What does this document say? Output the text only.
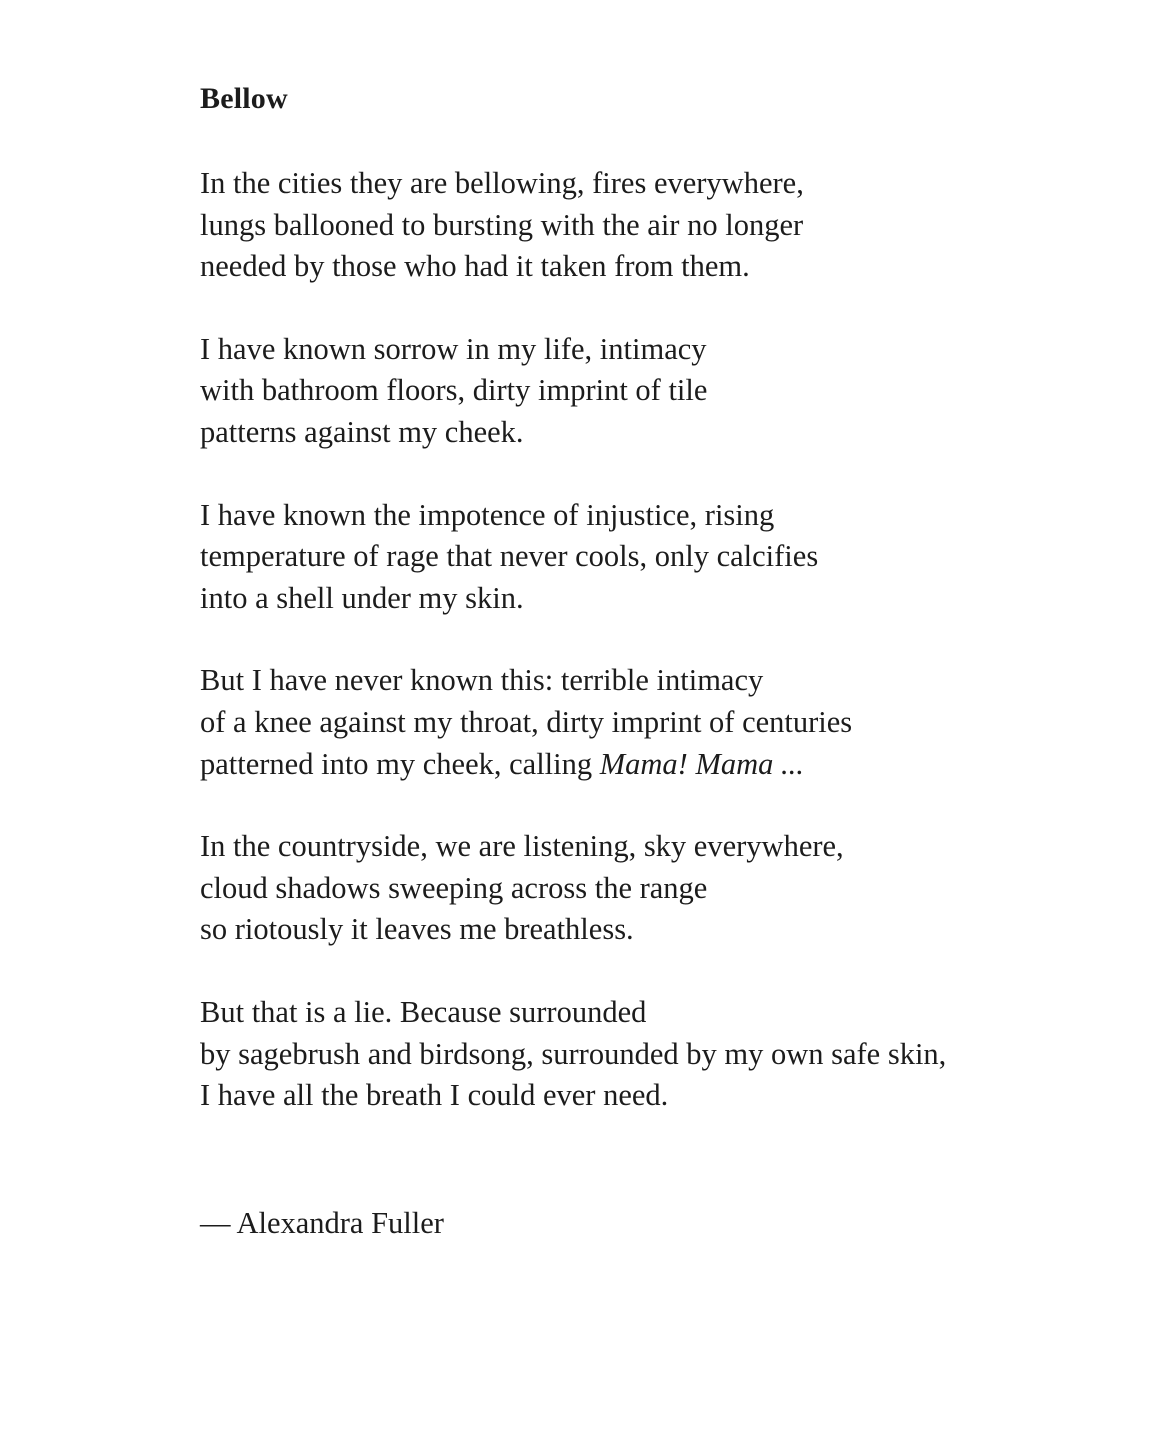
Bellow

In the cities they are bellowing, fires everywhere,
lungs ballooned to bursting with the air no longer
needed by those who had it taken from them.

I have known sorrow in my life, intimacy
with bathroom floors, dirty imprint of tile
patterns against my cheek.

I have known the impotence of injustice, rising
temperature of rage that never cools, only calcifies
into a shell under my skin.

But I have never known this: terrible intimacy
of a knee against my throat, dirty imprint of centuries
patterned into my cheek, calling Mama! Mama ...

In the countryside, we are listening, sky everywhere,
cloud shadows sweeping across the range
so riotously it leaves me breathless.

But that is a lie. Because surrounded
by sagebrush and birdsong, surrounded by my own safe skin,
I have all the breath I could ever need.

— Alexandra Fuller
